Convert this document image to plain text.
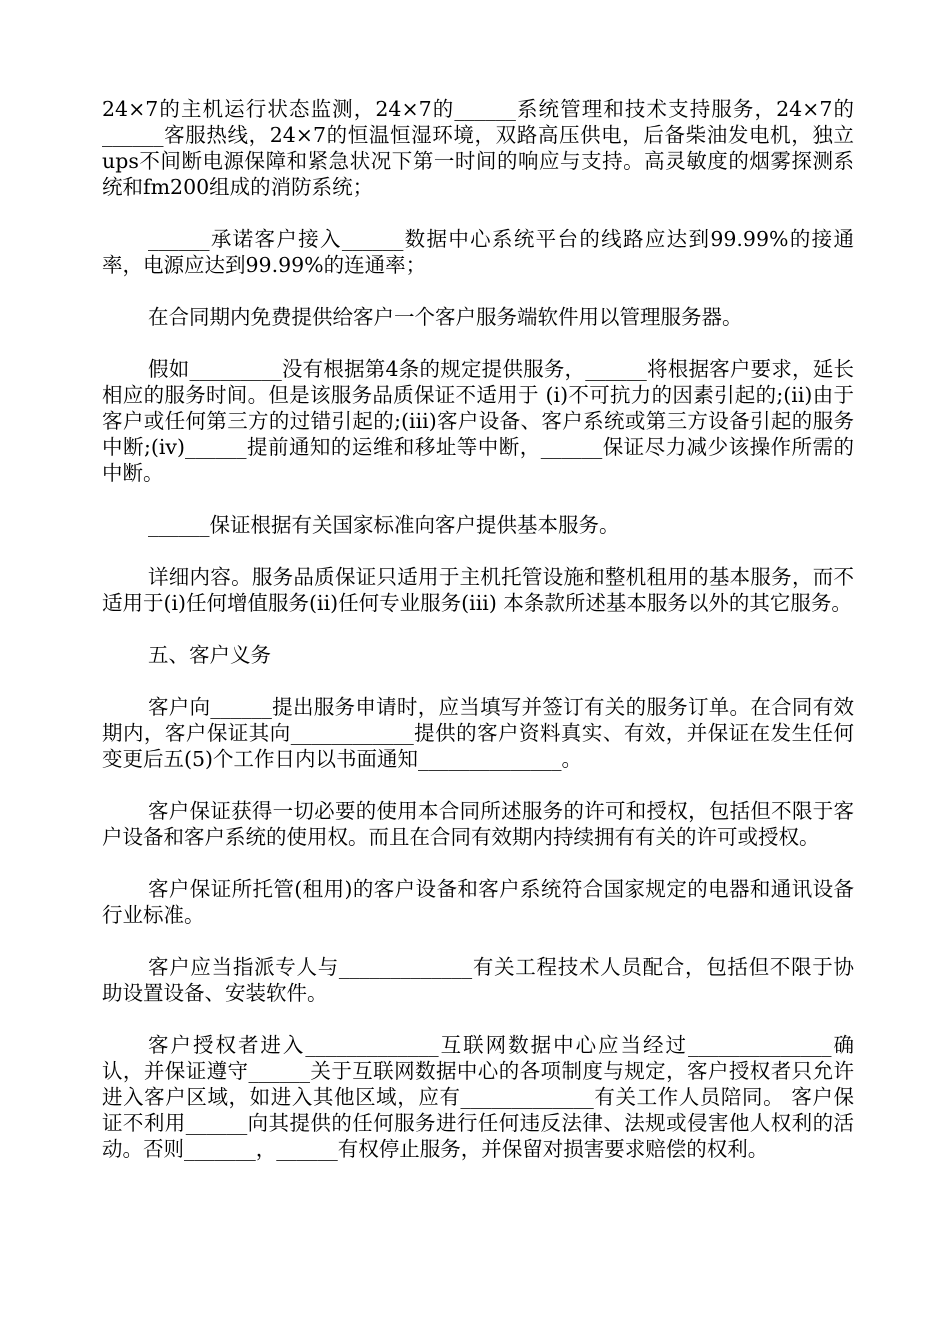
24×7的主机运行状态监测，24×7的______系统管理和技术支持服务，24×7的______客服热线，24×7的恒温恒湿环境，双路高压供电，后备柴油发电机，独立ups不间断电源保障和紧急状况下第一时间的响应与支持。高灵敏度的烟雾探测系统和fm200组成的消防系统；

______承诺客户接入______数据中心系统平台的线路应达到99.99%的接通率，电源应达到99.99%的连通率；

在合同期内免费提供给客户一个客户服务端软件用以管理服务器。

假如_________没有根据第4条的规定提供服务，______将根据客户要求，延长相应的服务时间。但是该服务品质保证不适用于 (i)不可抗力的因素引起的;(ii)由于客户或任何第三方的过错引起的;(iii)客户设备、客户系统或第三方设备引起的服务中断;(iv)______提前通知的运维和移址等中断，______保证尽力减少该操作所需的中断。

______保证根据有关国家标准向客户提供基本服务。

详细内容。服务品质保证只适用于主机托管设施和整机租用的基本服务，而不适用于(i)任何增值服务(ii)任何专业服务(iii) 本条款所述基本服务以外的其它服务。

五、客户义务

客户向______提出服务申请时，应当填写并签订有关的服务订单。在合同有效期内，客户保证其向____________提供的客户资料真实、有效，并保证在发生任何变更后五(5)个工作日内以书面通知______________。

客户保证获得一切必要的使用本合同所述服务的许可和授权，包括但不限于客户设备和客户系统的使用权。而且在合同有效期内持续拥有有关的许可或授权。

客户保证所托管(租用)的客户设备和客户系统符合国家规定的电器和通讯设备行业标准。

客户应当指派专人与_____________有关工程技术人员配合，包括但不限于协助设置设备、安装软件。

客户授权者进入_____________互联网数据中心应当经过______________确认，并保证遵守______关于互联网数据中心的各项制度与规定，客户授权者只允许进入客户区域，如进入其他区域，应有_____________有关工作人员陪同。 客户保证不利用______向其提供的任何服务进行任何违反法律、法规或侵害他人权利的活动。否则_______，______有权停止服务，并保留对损害要求赔偿的权利。
